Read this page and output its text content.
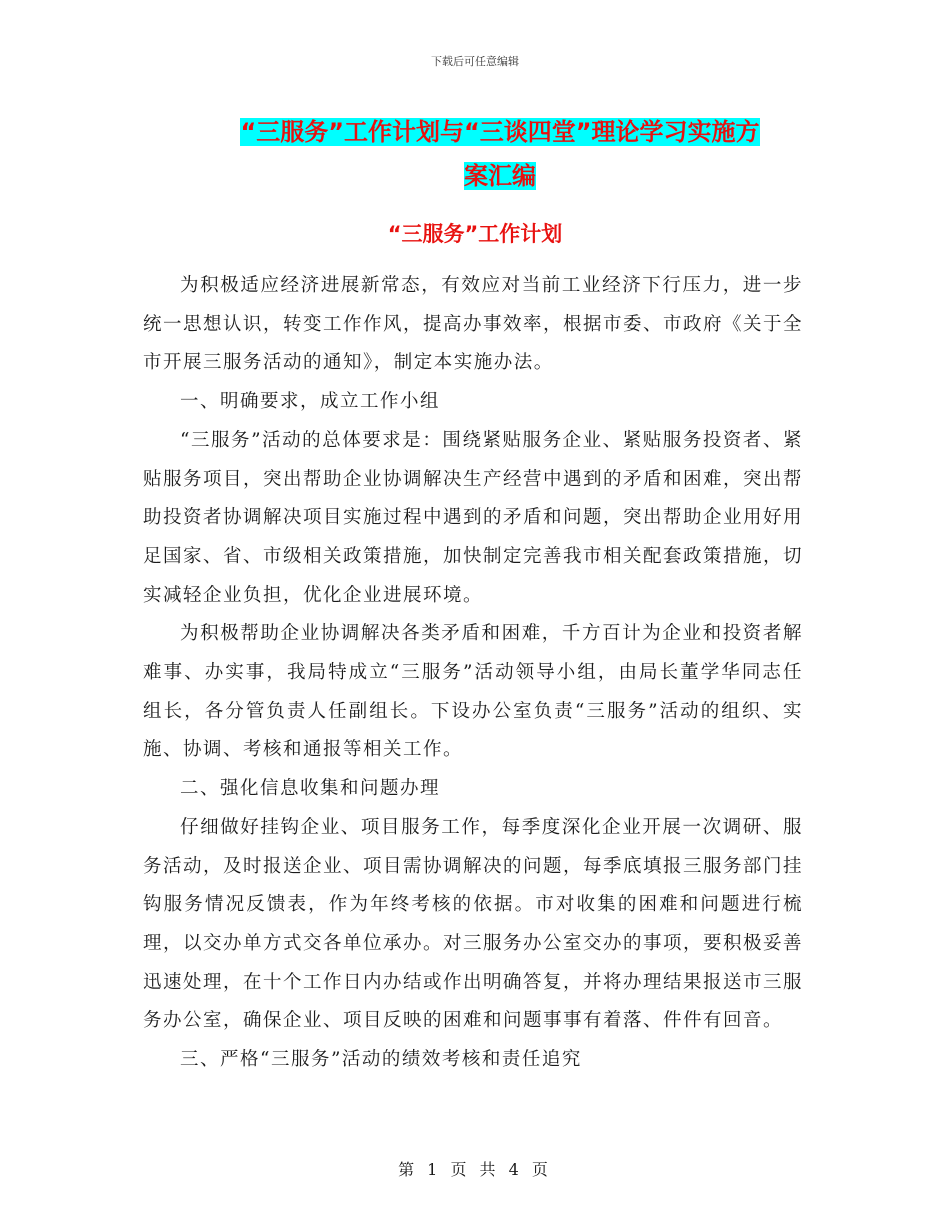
下载后可任意编辑
“三服务”工作计划与“三谈四堂”理论学习实施方
案汇编
“三服务”工作计划

为积极适应经济进展新常态，有效应对当前工业经济下行压力，进一步统一思想认识，转变工作作风，提高办事效率，根据市委、市政府《关于全市开展三服务活动的通知》，制定本实施办法。

一、明确要求，成立工作小组

“三服务”活动的总体要求是：围绕紧贴服务企业、紧贴服务投资者、紧贴服务项目，突出帮助企业协调解决生产经营中遇到的矛盾和困难，突出帮助投资者协调解决项目实施过程中遇到的矛盾和问题，突出帮助企业用好用足国家、省、市级相关政策措施，加快制定完善我市相关配套政策措施，切实减轻企业负担，优化企业进展环境。

为积极帮助企业协调解决各类矛盾和困难，千方百计为企业和投资者解难事、办实事，我局特成立“三服务”活动领导小组，由局长董学华同志任组长，各分管负责人任副组长。下设办公室负责“三服务”活动的组织、实施、协调、考核和通报等相关工作。

二、强化信息收集和问题办理

仔细做好挂钩企业、项目服务工作，每季度深化企业开展一次调研、服务活动，及时报送企业、项目需协调解决的问题，每季底填报三服务部门挂钩服务情况反馈表，作为年终考核的依据。市对收集的困难和问题进行梳理，以交办单方式交各单位承办。对三服务办公室交办的事项，要积极妥善迅速处理，在十个工作日内办结或作出明确答复，并将办理结果报送市三服务办公室，确保企业、项目反映的困难和问题事事有着落、件件有回音。

三、严格“三服务”活动的绩效考核和责任追究

第 1 页 共 4 页
